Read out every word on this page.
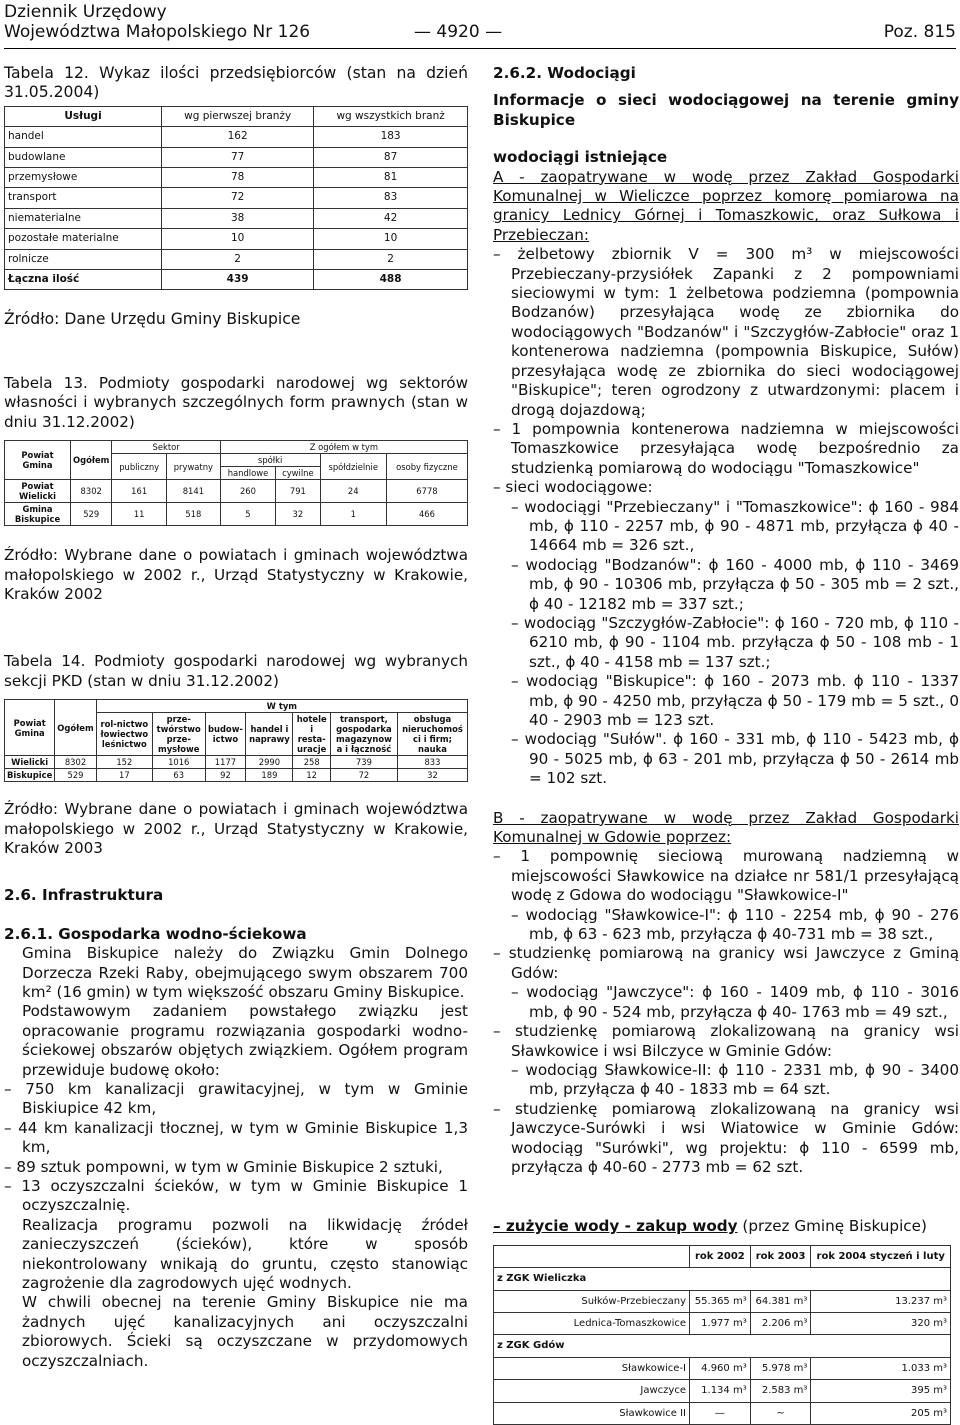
Dziennik Urzędowy
Województwa Małopolskiego Nr 126	— 4920 —	Poz. 815

Tabela 12. Wykaz ilości przedsiębiorców (stan na dzień 31.05.2004)

Usługi	wg pierwszej branży	wg wszystkich branż
handel	162	183
budowlane	77	87
przemysłowe	78	81
transport	72	83
niematerialne	38	42
pozostałe materialne	10	10
rolnicze	2	2
Łączna ilość	439	488

Źródło: Dane Urzędu Gminy Biskupice

Tabela 13. Podmioty gospodarki narodowej wg sektorów własności i wybranych szczególnych form prawnych (stan w dniu 31.12.2002)

Powiat Gmina	Ogółem	Sektor		Z ogółem w tym			
		publiczny	prywatny	spółki		spółdzielnie	osoby fizyczne
				handlowe	cywilne		
Powiat Wielicki	8302	161	8141	260	791	24	6778
Gmina Biskupice	529	11	518	5	32	1	466

Źródło: Wybrane dane o powiatach i gminach województwa małopolskiego w 2002 r., Urząd Statystyczny w Krakowie, Kraków 2002

Tabela 14. Podmioty gospodarki narodowej wg wybranych sekcji PKD (stan w dniu 31.12.2002)

Powiat Gmina	Ogółem	W tym						
		rol-nictwo łowiectwo leśnictwo	prze-twórstwo prze-mysłowe	budow-ictwo	handel i naprawy	hotele i resta-uracje	transport, gospodarka magazynow a i łączność	obsługa nieruchomoś ci i firm; nauka
Wielicki	8302	152	1016	1177	2990	258	739	833
Biskupice	529	17	63	92	189	12	72	32

Źródło: Wybrane dane o powiatach i gminach województwa małopolskiego w 2002 r., Urząd Statystyczny w Krakowie, Kraków 2003

2.6. Infrastruktura

2.6.1. Gospodarka wodno-ściekowa

Gmina Biskupice należy do Związku Gmin Dolnego Dorzecza Rzeki Raby, obejmującego swym obszarem 700 km² (16 gmin) w tym większość obszaru Gminy Biskupice.

Podstawowym zadaniem powstałego związku jest opracowanie programu rozwiązania gospodarki wodno-ściekowej obszarów objętych związkiem. Ogółem program przewiduje budowę około:

– 750 km kanalizacji grawitacyjnej, w tym w Gminie Biskiupice 42 km,

– 44 km kanalizacji tłocznej, w tym w Gminie Biskupice 1,3 km,

– 89 sztuk pompowni, w tym w Gminie Biskupice 2 sztuki,

– 13 oczyszczalni ścieków, w tym w Gminie Biskupice 1 oczyszczalnię.

Realizacja programu pozwoli na likwidację źródeł zanieczyszczeń (ścieków), które w sposób niekontrolowany wnikają do gruntu, często stanowiąc zagrożenie dla zagrodowych ujęć wodnych.

W chwili obecnej na terenie Gminy Biskupice nie ma żadnych ujęć kanalizacyjnych ani oczyszczalni zbiorowych. Ścieki są oczyszczane w przydomowych oczyszczalniach.

2.6.2. Wodociągi

Informacje o sieci wodociągowej na terenie gminy Biskupice

wodociągi istniejące

A - zaopatrywane w wodę przez Zakład Gospodarki Komunalnej w Wieliczce poprzez komorę pomiarowa na granicy Lednicy Górnej i Tomaszkowic, oraz Sułkowa i Przebieczan:

– żelbetowy zbiornik V = 300 m³ w miejscowości Przebieczany-przysiółek Zapanki z 2 pompowniami sieciowymi w tym: 1 żelbetowa podziemna (pompownia Bodzanów) przesyłająca wodę ze zbiornika do wodociągowych "Bodzanów" i "Szczygłów-Zabłocie" oraz 1 kontenerowa nadziemna (pompownia Biskupice, Sułów) przesyłająca wodę ze zbiornika do sieci wodociągowej "Biskupice"; teren ogrodzony z utwardzonymi: placem i drogą dojazdową;

– 1 pompownia kontenerowa nadziemna w miejscowości Tomaszkowice przesyłająca wodę bezpośrednio za studzienką pomiarową do wodociągu "Tomaszkowice"

– sieci wodociągowe:

– wodociągi "Przebieczany" i "Tomaszkowice": ϕ 160 - 984 mb, ϕ 110 - 2257 mb, ϕ 90 - 4871 mb, przyłącza ϕ 40 - 14664 mb = 326 szt.,

– wodociąg "Bodzanów": ϕ 160 - 4000 mb, ϕ 110 - 3469 mb, ϕ 90 - 10306 mb, przyłącza ϕ 50 - 305 mb = 2 szt., ϕ 40 - 12182 mb = 337 szt.;

– wodociąg "Szczygłów-Zabłocie": ϕ 160 - 720 mb, ϕ 110 - 6210 mb, ϕ 90 - 1104 mb. przyłącza ϕ 50 - 108 mb - 1 szt., ϕ 40 - 4158 mb = 137 szt.;

– wodociąg "Biskupice": ϕ 160 - 2073 mb. ϕ 110 - 1337 mb, ϕ 90 - 4250 mb, przyłącza ϕ 50 - 179 mb = 5 szt., 0 40 - 2903 mb = 123 szt.

– wodociąg "Sułów". ϕ 160 - 331 mb, ϕ 110 - 5423 mb, ϕ 90 - 5025 mb, ϕ 63 - 201 mb, przyłącza ϕ 50 - 2614 mb = 102 szt.

B - zaopatrywane w wodę przez Zakład Gospodarki Komunalnej w Gdowie poprzez:

– 1 pompownię sieciową murowaną nadziemną w miejscowości Sławkowice na działce nr 581/1 przesyłającą wodę z Gdowa do wodociągu "Sławkowice-I"

– wodociąg "Sławkowice-I": ϕ 110 - 2254 mb, ϕ 90 - 276 mb, ϕ 63 - 623 mb, przyłącza ϕ 40-731 mb = 38 szt.,

– studzienkę pomiarową na granicy wsi Jawczyce z Gminą Gdów:

– wodociąg "Jawczyce": ϕ 160 - 1409 mb, ϕ 110 - 3016 mb, ϕ 90 - 524 mb, przyłącza ϕ 40- 1763 mb = 49 szt.,

– studzienkę pomiarową zlokalizowaną na granicy wsi Sławkowice i wsi Bilczyce w Gminie Gdów:

– wodociąg Sławkowice-II: ϕ 110 - 2331 mb, ϕ 90 - 3400 mb, przyłącza ϕ 40 - 1833 mb = 64 szt.

– studzienkę pomiarową zlokalizowaną na granicy wsi Jawczyce-Surówki i wsi Wiatowice w Gminie Gdów: wodociąg "Surówki", wg projektu: ϕ 110 - 6599 mb, przyłącza ϕ 40-60 - 2773 mb = 62 szt.

– zużycie wody - zakup wody (przez Gminę Biskupice)

	rok 2002	rok 2003	rok 2004 styczeń i luty
z ZGK Wieliczka			
Sułków-Przebieczany	55.365 m³	64.381 m³	13.237 m³
Lednica-Tomaszkowice	1.977 m³	2.206 m³	320 m³
z ZGK Gdów			
Sławkowice-I	4.960 m³	5.978 m³	1.033 m³
Jawczyce	1.134 m³	2.583 m³	395 m³
Sławkowice II	—	~	205 m³
